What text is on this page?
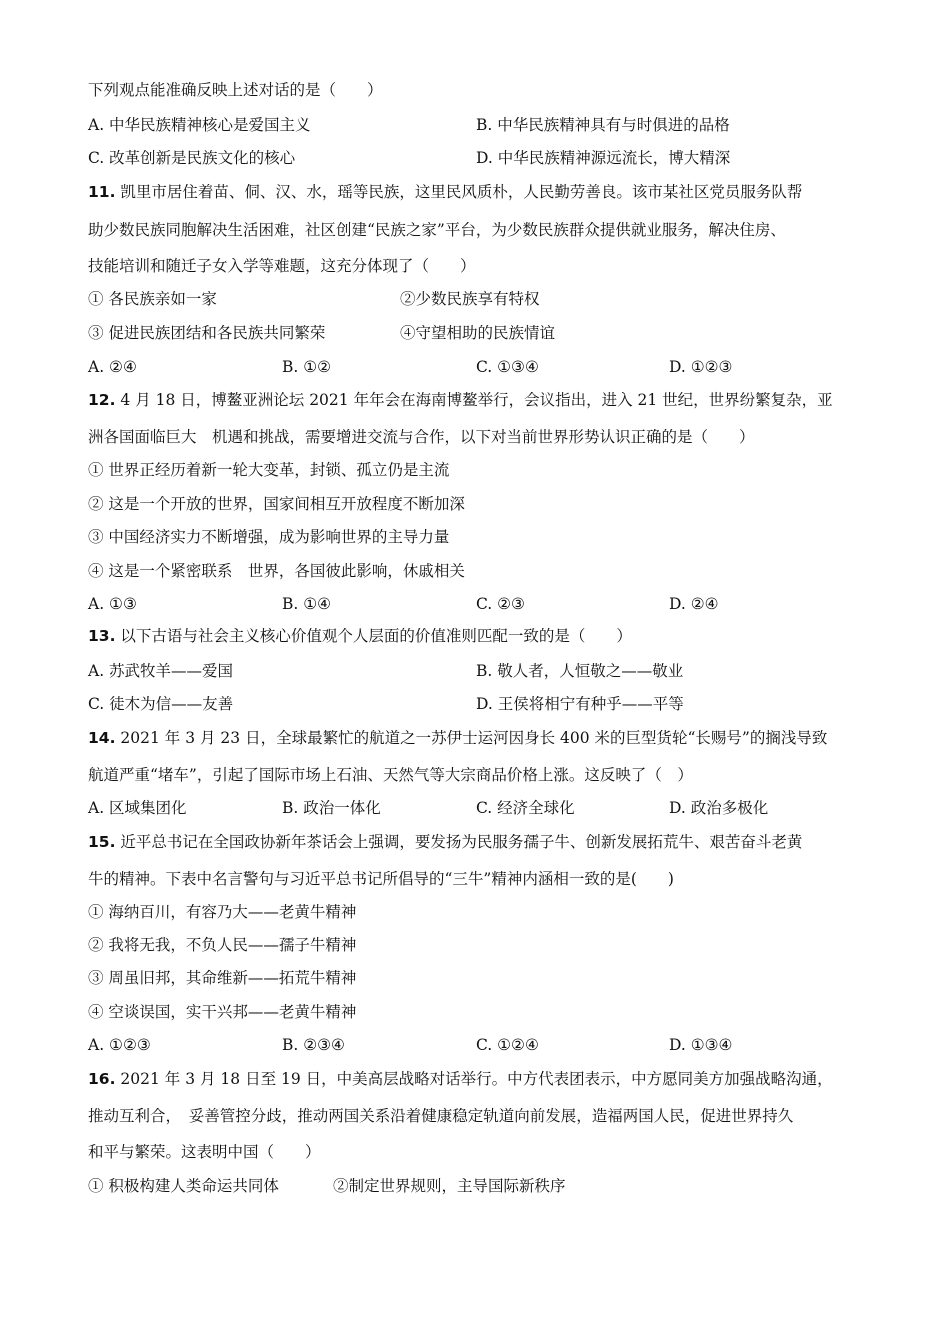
下列观点能准确反映上述对话的是（　　）
A. 中华民族精神核心是爱国主义	B. 中华民族精神具有与时俱进的品格
C. 改革创新是民族文化的核心	D. 中华民族精神源远流长，博大精深
11. 凯里市居住着苗、侗、汉、水，瑶等民族，这里民风质朴，人民勤劳善良。该市某社区党员服务队帮
助少数民族同胞解决生活困难，社区创建“民族之家”平台，为少数民族群众提供就业服务，解决住房、
技能培训和随迁子女入学等难题，这充分体现了（　　）
① 各民族亲如一家	②少数民族享有特权
③ 促进民族团结和各民族共同繁荣	④守望相助的民族情谊
A. ②④	B. ①②	C. ①③④	D. ①②③
12. 4 月 18 日，博鳌亚洲论坛 2021 年年会在海南博鳌举行，会议指出，进入 21 世纪，世界纷繁复杂，亚
洲各国面临巨大　机遇和挑战，需要增进交流与合作，以下对当前世界形势认识正确的是（　　）
① 世界正经历着新一轮大变革，封锁、孤立仍是主流
② 这是一个开放的世界，国家间相互开放程度不断加深
③ 中国经济实力不断增强，成为影响世界的主导力量
④ 这是一个紧密联系　世界，各国彼此影响，休戚相关
A. ①③	B. ①④	C. ②③	D. ②④
13. 以下古语与社会主义核心价值观个人层面的价值准则匹配一致的是（　　）
A. 苏武牧羊——爱国	B. 敬人者，人恒敬之——敬业
C. 徒木为信——友善	D. 王侯将相宁有种乎——平等
14. 2021 年 3 月 23 日，全球最繁忙的航道之一苏伊士运河因身长 400 米的巨型货轮“长赐号”的搁浅导致
航道严重“堵车”，引起了国际市场上石油、天然气等大宗商品价格上涨。这反映了（　）
A. 区域集团化	B. 政治一体化	C. 经济全球化	D. 政治多极化
15. 近平总书记在全国政协新年茶话会上强调，要发扬为民服务孺子牛、创新发展拓荒牛、艰苦奋斗老黄
牛的精神。下表中名言警句与习近平总书记所倡导的“三牛”精神内涵相一致的是(　　)
① 海纳百川，有容乃大——老黄牛精神
② 我将无我，不负人民——孺子牛精神
③ 周虽旧邦，其命维新——拓荒牛精神
④ 空谈误国，实干兴邦——老黄牛精神
A. ①②③	B. ②③④	C. ①②④	D. ①③④
16. 2021 年 3 月 18 日至 19 日，中美高层战略对话举行。中方代表团表示，中方愿同美方加强战略沟通，
推动互利合，　妥善管控分歧，推动两国关系沿着健康稳定轨道向前发展，造福两国人民，促进世界持久
和平与繁荣。这表明中国（　　）
① 积极构建人类命运共同体	②制定世界规则，主导国际新秩序
